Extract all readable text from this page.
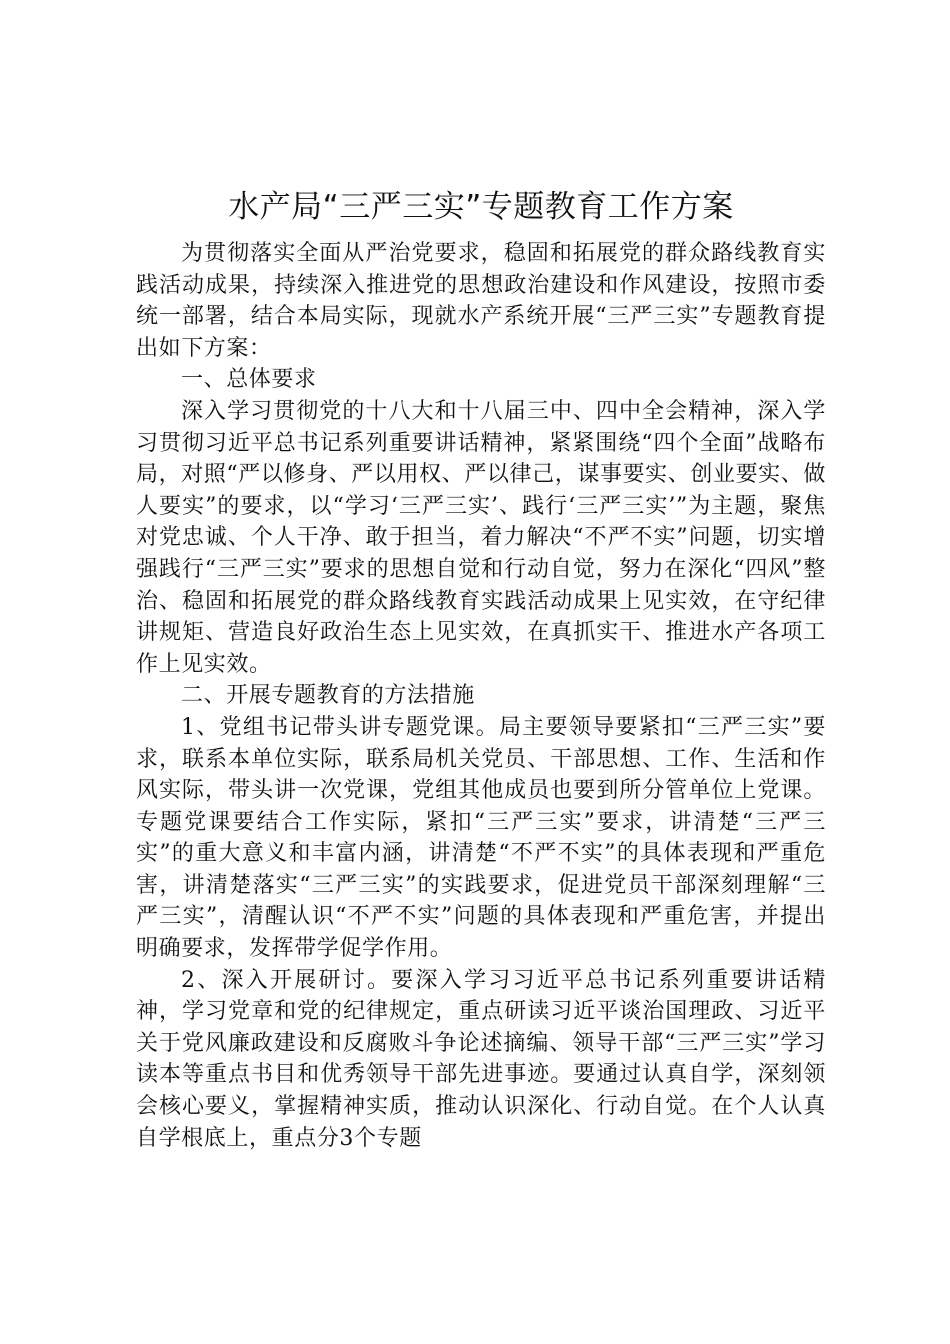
水产局“三严三实”专题教育工作方案

为贯彻落实全面从严治党要求，稳固和拓展党的群众路线教育实践活动成果，持续深入推进党的思想政治建设和作风建设，按照市委统一部署，结合本局实际，现就水产系统开展“三严三实”专题教育提出如下方案：

一、总体要求

深入学习贯彻党的十八大和十八届三中、四中全会精神，深入学习贯彻习近平总书记系列重要讲话精神，紧紧围绕“四个全面”战略布局，对照“严以修身、严以用权、严以律己，谋事要实、创业要实、做人要实”的要求，以“学习‘三严三实’、践行‘三严三实’”为主题，聚焦对党忠诚、个人干净、敢于担当，着力解决“不严不实”问题，切实增强践行“三严三实”要求的思想自觉和行动自觉，努力在深化“四风”整治、稳固和拓展党的群众路线教育实践活动成果上见实效，在守纪律讲规矩、营造良好政治生态上见实效，在真抓实干、推进水产各项工作上见实效。

二、开展专题教育的方法措施

1、党组书记带头讲专题党课。局主要领导要紧扣“三严三实”要求，联系本单位实际，联系局机关党员、干部思想、工作、生活和作风实际，带头讲一次党课，党组其他成员也要到所分管单位上党课。专题党课要结合工作实际，紧扣“三严三实”要求，讲清楚“三严三实”的重大意义和丰富内涵，讲清楚“不严不实”的具体表现和严重危害，讲清楚落实“三严三实”的实践要求，促进党员干部深刻理解“三严三实”，清醒认识“不严不实”问题的具体表现和严重危害，并提出明确要求，发挥带学促学作用。

2、深入开展研讨。要深入学习习近平总书记系列重要讲话精神，学习党章和党的纪律规定，重点研读习近平谈治国理政、习近平关于党风廉政建设和反腐败斗争论述摘编、领导干部“三严三实”学习读本等重点书目和优秀领导干部先进事迹。要通过认真自学，深刻领会核心要义，掌握精神实质，推动认识深化、行动自觉。在个人认真自学根底上，重点分3个专题
